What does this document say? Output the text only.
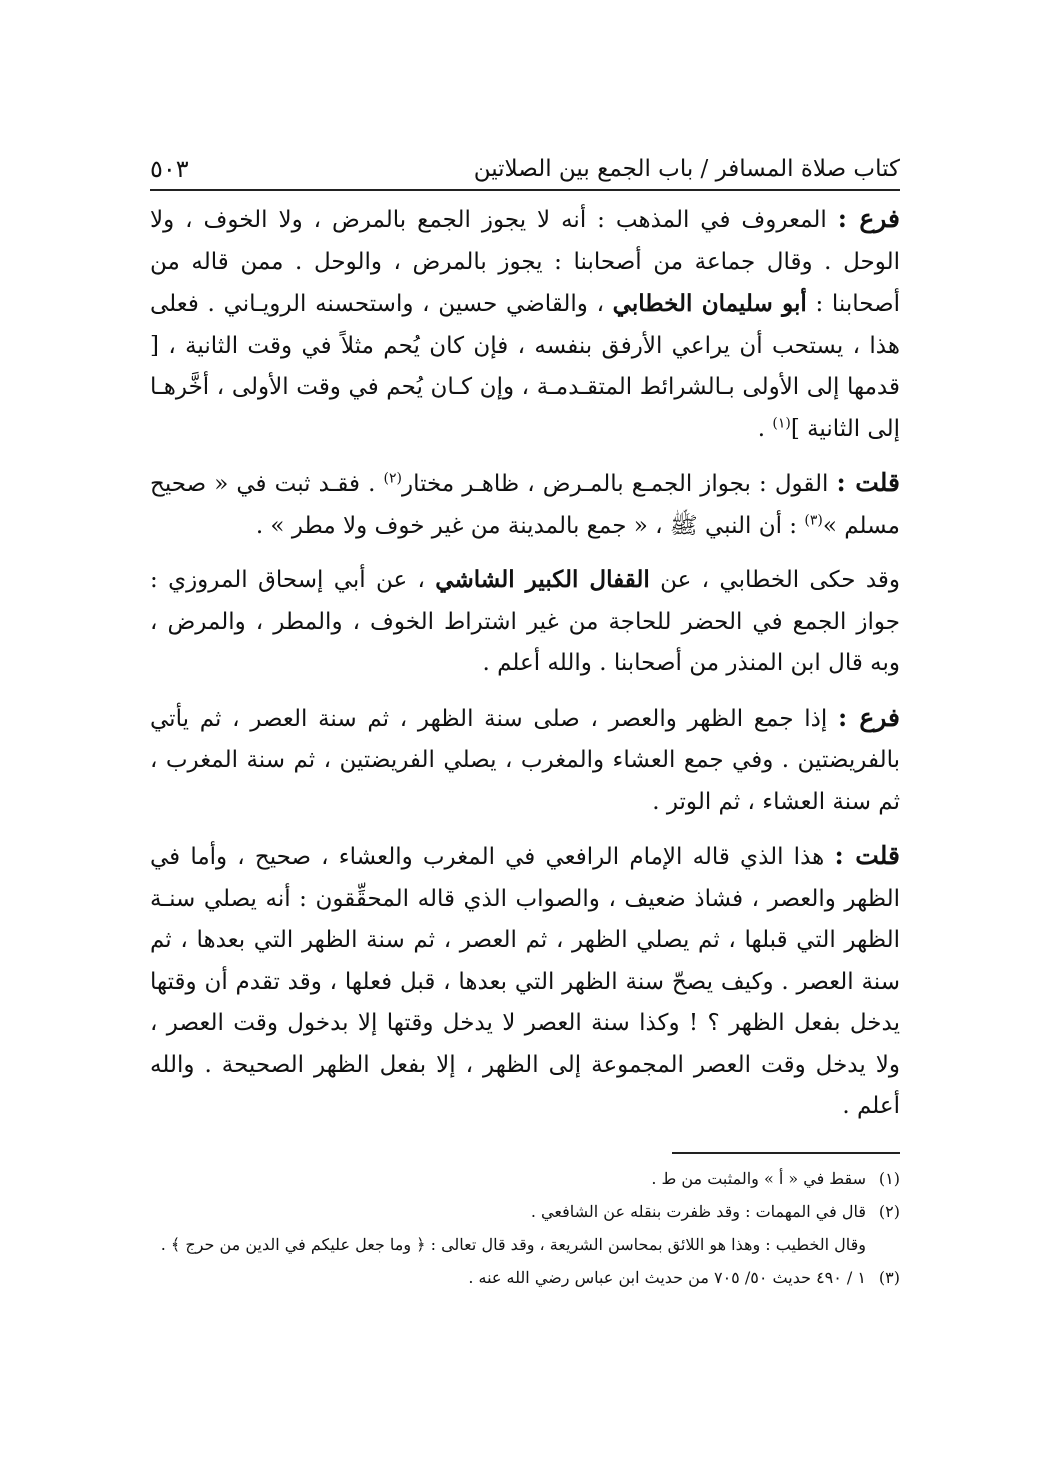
كتاب صلاة المسافر / باب الجمع بين الصلاتين
٥٠٣

فرع : المعروف في المذهب : أنه لا يجوز الجمع بالمرض ، ولا الخوف ، ولا الوحل . وقال جماعة من أصحابنا : يجوز بالمرض ، والوحل . ممن قاله من أصحابنا : أبو سليمان الخطابي ، والقاضي حسين ، واستحسنه الرويـاني . فعلى هذا ، يستحب أن يراعي الأرفق بنفسه ، فإن كان يُحم مثلاً في وقت الثانية ، [ قدمها إلى الأولى بـالشرائط المتقـدمـة ، وإن كـان يُحم في وقت الأولى ، أخَّرهـا إلى الثانية ]$^{(١)}$ .

قلت : القول : بجواز الجمـع بالمـرض ، ظاهـر مختار$^{(٢)}$ . فقـد ثبت في « صحيح مسلم »$^{(٣)}$ : أن النبي ﷺ ، « جمع بالمدينة من غير خوف ولا مطر » .

وقد حكى الخطابي ، عن القفال الكبير الشاشي ، عن أبي إسحاق المروزي : جواز الجمع في الحضر للحاجة من غير اشتراط الخوف ، والمطر ، والمرض ، وبه قال ابن المنذر من أصحابنا . والله أعلم .

فرع : إذا جمع الظهر والعصر ، صلى سنة الظهر ، ثم سنة العصر ، ثم يأتي بالفريضتين . وفي جمع العشاء والمغرب ، يصلي الفريضتين ، ثم سنة المغرب ، ثم سنة العشاء ، ثم الوتر .

قلت : هذا الذي قاله الإمام الرافعي في المغرب والعشاء ، صحيح ، وأما في الظهر والعصر ، فشاذ ضعيف ، والصواب الذي قاله المحقِّقون : أنه يصلي سنـة الظهر التي قبلها ، ثم يصلي الظهر ، ثم العصر ، ثم سنة الظهر التي بعدها ، ثم سنة العصر . وكيف يصحّ سنة الظهر التي بعدها ، قبل فعلها ، وقد تقدم أن وقتها يدخل بفعل الظهر ؟ ! وكذا سنة العصر لا يدخل وقتها إلا بدخول وقت العصر ، ولا يدخل وقت العصر المجموعة إلى الظهر ، إلا بفعل الظهر الصحيحة . والله أعلم .

(١)سقط في « أ » والمثبت من ط .

(٢)قال في المهمات : وقد ظفرت بنقله عن الشافعي .

وقال الخطيب : وهذا هو اللائق بمحاسن الشريعة ، وقد قال تعالى : ﴿ وما جعل عليكم في الدين من حرج ﴾ .

(٣)١ / ٤٩٠ حديث ٥٠/ ٧٠٥ من حديث ابن عباس رضي الله عنه .
